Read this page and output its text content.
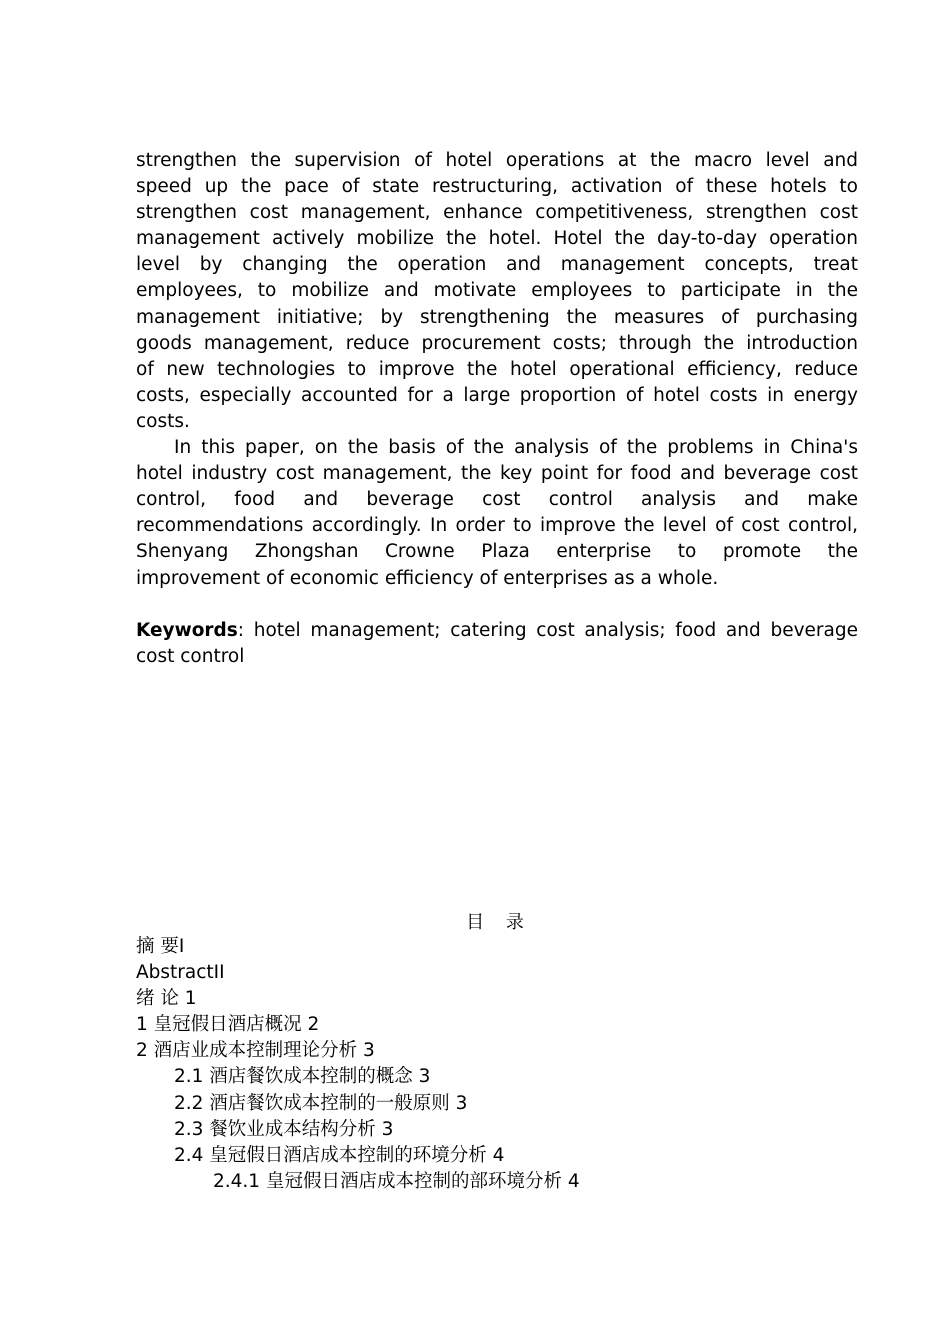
strengthen the supervision of hotel operations at the macro level and
speed up the pace of state restructuring, activation of these hotels to
strengthen cost management, enhance competitiveness, strengthen cost
management actively mobilize the hotel. Hotel the day-to-day operation
level by changing the operation and management concepts, treat
employees, to mobilize and motivate employees to participate in the
management initiative; by strengthening the measures of purchasing
goods management, reduce procurement costs; through the introduction
of new technologies to improve the hotel operational efficiency, reduce
costs, especially accounted for a large proportion of hotel costs in energy
costs.
In this paper, on the basis of the analysis of the problems in China's
hotel industry cost management, the key point for food and beverage cost
control, food and beverage cost control analysis and make
recommendations accordingly. In order to improve the level of cost control,
Shenyang Zhongshan Crowne Plaza enterprise to promote the
improvement of economic efficiency of enterprises as a whole.
Keywords: hotel management; catering cost analysis; food and beverage
cost control
目 录
摘 要Ⅰ
AbstractII
绪 论 1
1 皇冠假日酒店概况 2
2 酒店业成本控制理论分析 3
2.1 酒店餐饮成本控制的概念 3
2.2 酒店餐饮成本控制的一般原则 3
2.3 餐饮业成本结构分析 3
2.4 皇冠假日酒店成本控制的环境分析 4
2.4.1 皇冠假日酒店成本控制的部环境分析 4
